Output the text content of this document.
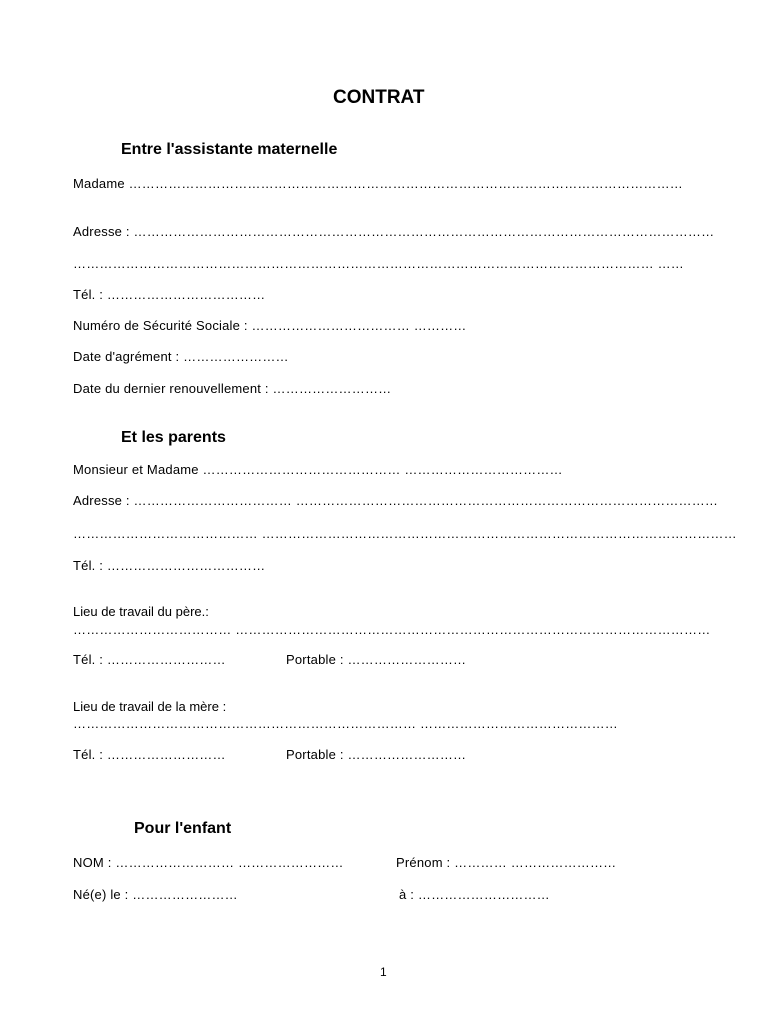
CONTRAT
Entre l'assistante maternelle
Madame ………………………………………………………………………………………………………………
Adresse : ……………………………………………………………………………………………………………………
…………………………………………………………………………………………………………………… ……
Tél. : ………………………………
Numéro de Sécurité Sociale : ……………………………… …………
Date d'agrément : ……………………
Date du dernier renouvellement : ………………………
Et les parents
Monsieur et Madame ……………………………………… ………………………………
Adresse : ……………………………… ……………………………………………………………………………………
…………………………………… ………………………………………………………………………………………………
Tél. : ………………………………
Lieu de travail du père.:
……………………………… ………………………………………………………………………………………………
Tél. : ………………………	Portable : ………………………
Lieu de travail de la mère :
…………………………………………………………………… ………………………………………
Tél. : ………………………	Portable : ………………………
Pour l'enfant
NOM : ……………………… ……………………	Prénom : ………… ……………………
Né(e) le : ……………………	à : …………………………
1
